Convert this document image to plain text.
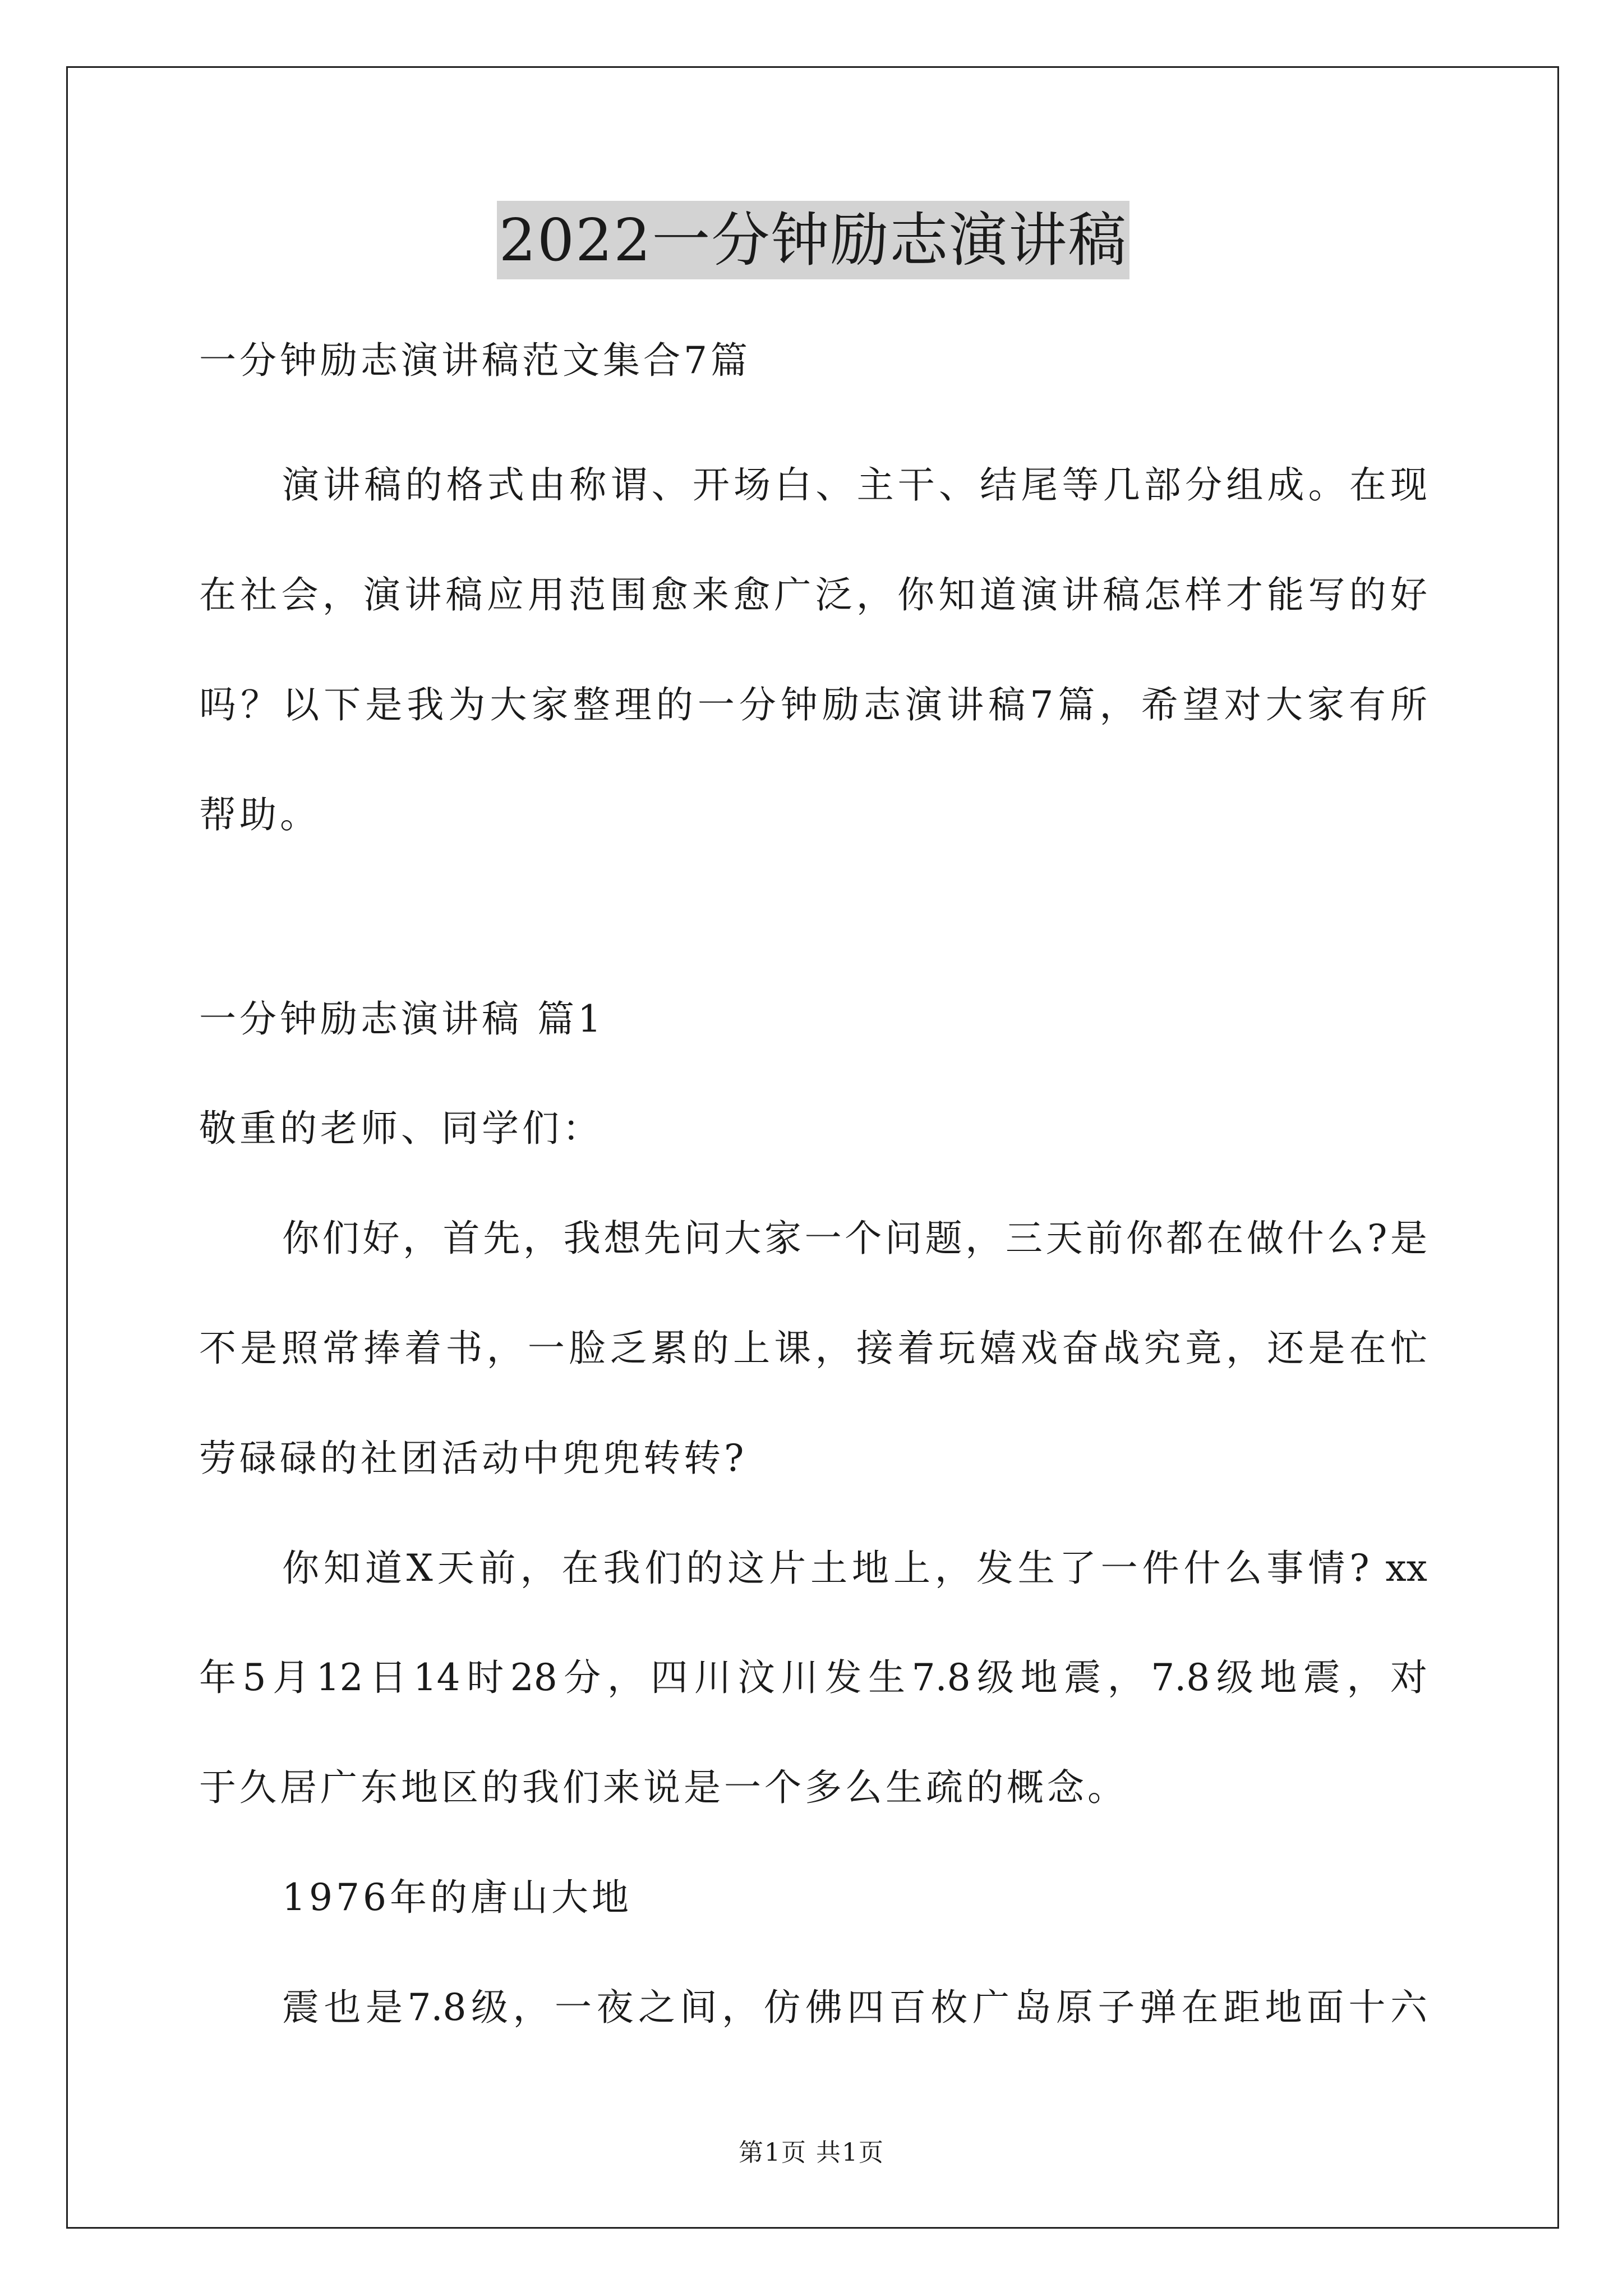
2022一分钟励志演讲稿
一分钟励志演讲稿范文集合7篇
演讲稿的格式由称谓、开场白、主干、结尾等几部分组成。在现
在社会，演讲稿应用范围愈来愈广泛，你知道演讲稿怎样才能写的好
吗？以下是我为大家整理的一分钟励志演讲稿7篇，希望对大家有所
帮助。
一分钟励志演讲稿 篇1
敬重的老师、同学们：
你们好，首先，我想先问大家一个问题，三天前你都在做什么?是
不是照常捧着书，一脸乏累的上课，接着玩嬉戏奋战究竟，还是在忙
劳碌碌的社团活动中兜兜转转?
你知道X天前，在我们的这片土地上，发生了一件什么事情? xx
年5月12日14时28分，四川汶川发生7.8级地震，7.8级地震，对
于久居广东地区的我们来说是一个多么生疏的概念。
1976年的唐山大地
震也是7.8级，一夜之间，仿佛四百枚广岛原子弹在距地面十六
第1页 共1页
